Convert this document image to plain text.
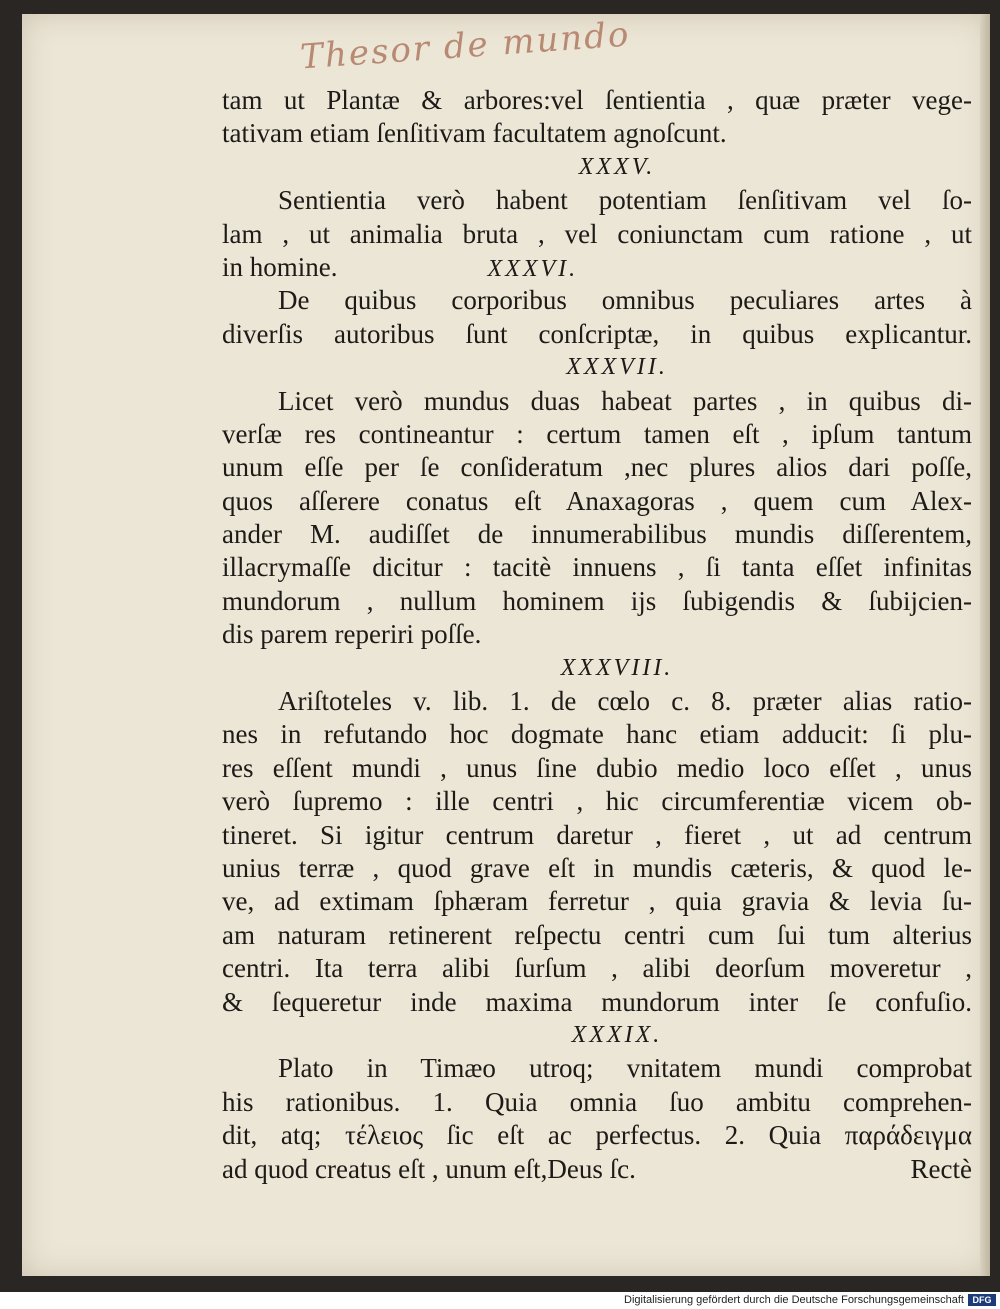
Thesor de mundo
tam ut Plantæ & arbores:vel ſentientia , quæ præter vege-
tativam etiam ſenſitivam facultatem agnoſcunt.
XXXV.
Sentientia verò habent potentiam ſenſitivam vel ſo-
lam , ut animalia bruta , vel coniunctam cum ratione , ut
in homine.	XXXVI.
De quibus corporibus omnibus peculiares artes à
diverſis autoribus ſunt conſcriptæ, in quibus explicantur.
XXXVII.
Licet verò mundus duas habeat partes , in quibus di-
verſæ res contineantur : certum tamen eſt , ipſum tantum
unum eſſe per ſe conſideratum ,nec plures alios dari poſſe,
quos aſſerere conatus eſt Anaxagoras , quem cum Alex-
ander M. audiſſet de innumerabilibus mundis diſſerentem,
illacrymaſſe dicitur : tacitè innuens , ſi tanta eſſet infinitas
mundorum , nullum hominem ijs ſubigendis & ſubijcien-
dis parem reperiri poſſe.
XXXVIII.
Ariſtoteles v. lib. 1. de cœlo c. 8. præter alias ratio-
nes in refutando hoc dogmate hanc etiam adducit: ſi plu-
res eſſent mundi , unus ſine dubio medio loco eſſet , unus
verò ſupremo : ille centri , hic circumferentiæ vicem ob-
tineret. Si igitur centrum daretur , fieret , ut ad centrum
unius terræ , quod grave eſt in mundis cæteris, & quod le-
ve, ad extimam ſphæram ferretur , quia gravia & levia ſu-
am naturam retinerent reſpectu centri cum ſui tum alterius
centri. Ita terra alibi ſurſum , alibi deorſum moveretur ,
& ſequeretur inde maxima mundorum inter ſe confuſio.
XXXIX.
Plato in Timæo utroq; vnitatem mundi comprobat
his rationibus. 1. Quia omnia ſuo ambitu comprehen-
dit, atq; τέλειος ſic eſt ac perfectus. 2. Quia παράδειγμα
ad quod creatus eſt , unum eſt,Deus ſc.	Rectè
Digitalisierung gefördert durch die Deutsche Forschungsgemeinschaft DFG
